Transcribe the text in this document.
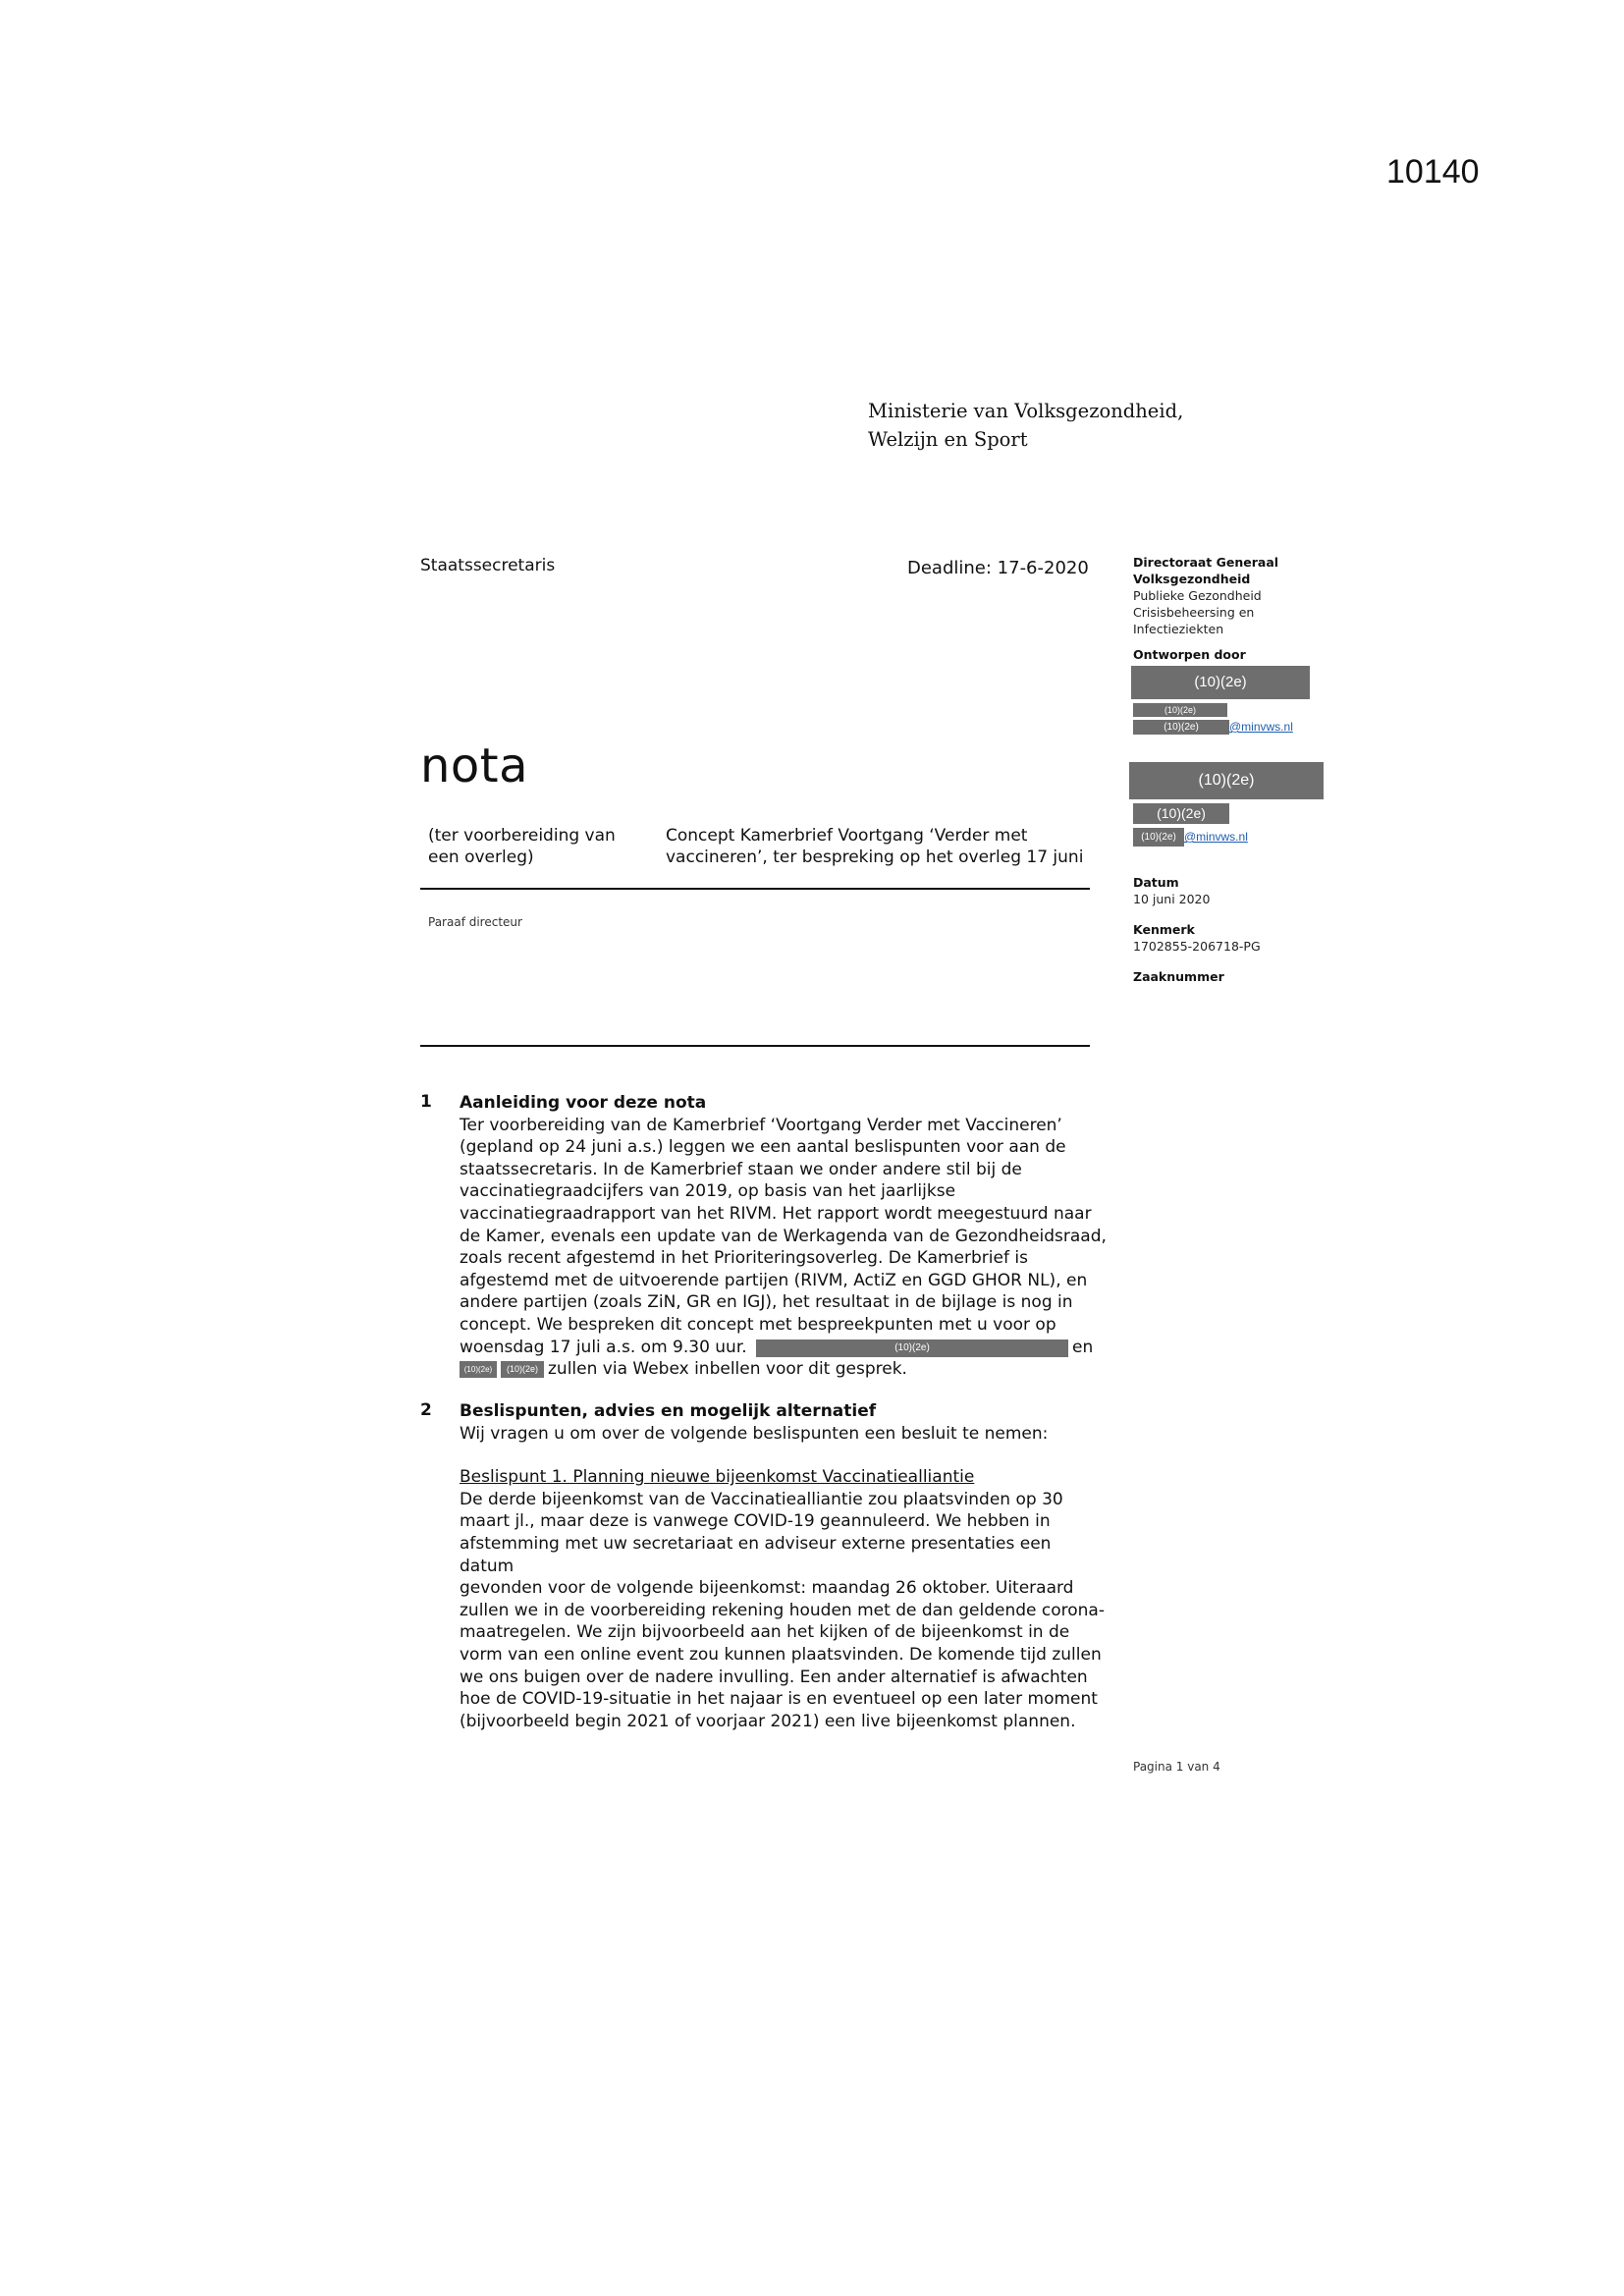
10140
Ministerie van Volksgezondheid,
Welzijn en Sport
Staatssecretaris	Deadline: 17-6-2020	Directoraat Generaal
Volksgezondheid
Publieke Gezondheid
Crisisbeheersing en
Infectieziekten
Ontworpen door
(10)(2e)
(10)(2e)
(10)(2e)	@minvws.nl
(10)(2e)
(10)(2e)
(10)(2e) @minvws.nl
Datum
10 juni 2020
Kenmerk
1702855-206718-PG
Zaaknummer
nota
(ter voorbereiding van
een overleg)
Concept Kamerbrief Voortgang ‘Verder met
vaccineren’, ter bespreking op het overleg 17 juni
Paraaf directeur
1 Aanleiding voor deze nota
Ter voorbereiding van de Kamerbrief ‘Voortgang Verder met Vaccineren’
(gepland op 24 juni a.s.) leggen we een aantal beslispunten voor aan de
staatssecretaris. In de Kamerbrief staan we onder andere stil bij de
vaccinatiegraadcijfers van 2019, op basis van het jaarlijkse
vaccinatiegraadrapport van het RIVM. Het rapport wordt meegestuurd naar
de Kamer, evenals een update van de Werkagenda van de Gezondheidsraad,
zoals recent afgestemd in het Prioriteringsoverleg. De Kamerbrief is
afgestemd met de uitvoerende partijen (RIVM, ActiZ en GGD GHOR NL), en
andere partijen (zoals ZiN, GR en IGJ), het resultaat in de bijlage is nog in
concept. We bespreken dit concept met bespreekpunten met u voor op
woensdag 17 juli a.s. om 9.30 uur.	(10)(2e)	en
(10)(2e)	(10)(2e) zullen via Webex inbellen voor dit gesprek.
2 Beslispunten, advies en mogelijk alternatief
Wij vragen u om over de volgende beslispunten een besluit te nemen:
Beslispunt 1. Planning nieuwe bijeenkomst Vaccinatiealliantie
De derde bijeenkomst van de Vaccinatiealliantie zou plaatsvinden op 30
maart jl., maar deze is vanwege COVID-19 geannuleerd. We hebben in
afstemming met uw secretariaat en adviseur externe presentaties een datum
gevonden voor de volgende bijeenkomst: maandag 26 oktober. Uiteraard
zullen we in de voorbereiding rekening houden met de dan geldende corona-
maatregelen. We zijn bijvoorbeeld aan het kijken of de bijeenkomst in de
vorm van een online event zou kunnen plaatsvinden. De komende tijd zullen
we ons buigen over de nadere invulling. Een ander alternatief is afwachten
hoe de COVID-19-situatie in het najaar is en eventueel op een later moment
(bijvoorbeeld begin 2021 of voorjaar 2021) een live bijeenkomst plannen.
Pagina 1 van 4
